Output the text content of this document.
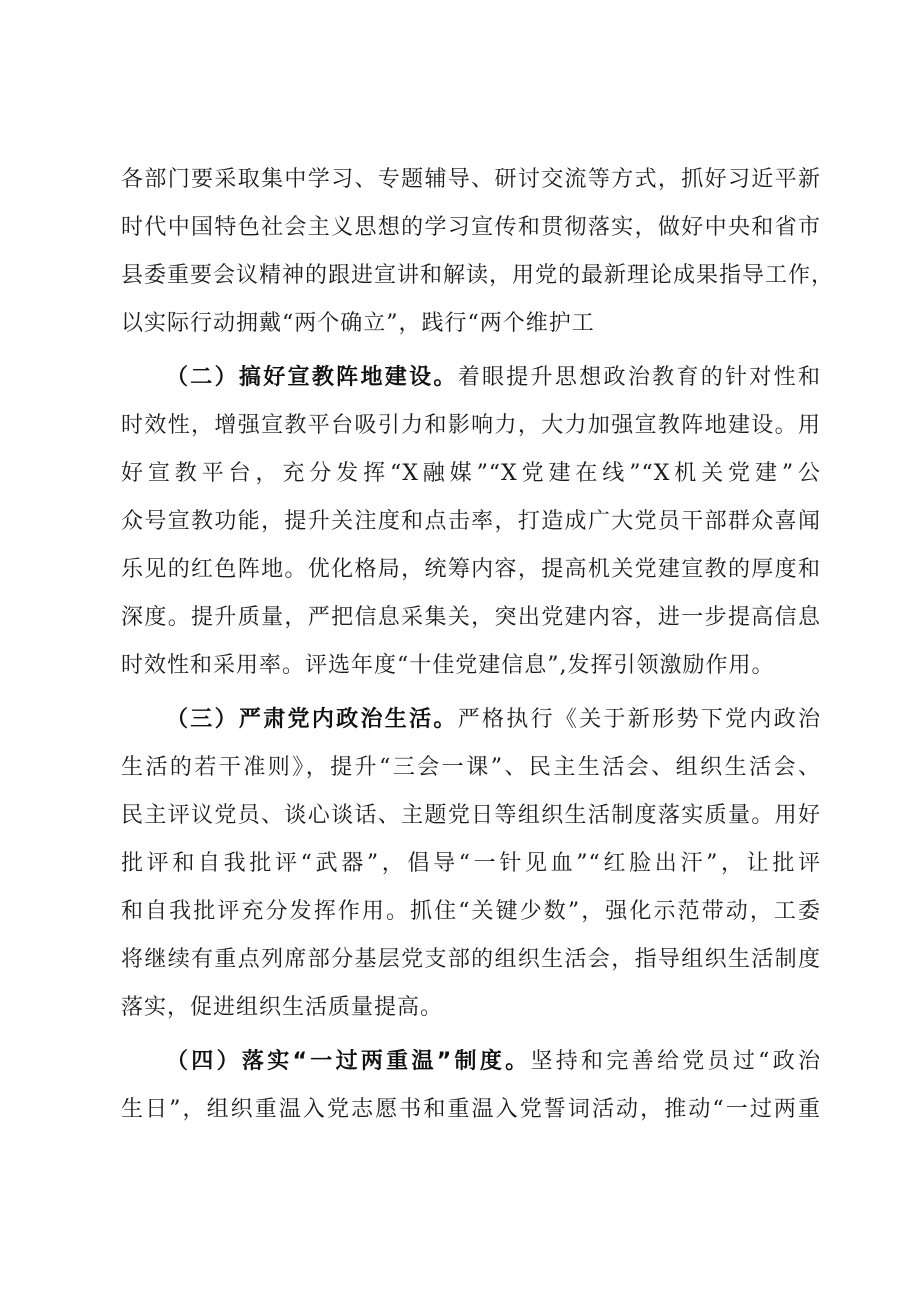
各部门要采取集中学习、专题辅导、研讨交流等方式，抓好习近平新
时代中国特色社会主义思想的学习宣传和贯彻落实，做好中央和省市
县委重要会议精神的跟进宣讲和解读，用党的最新理论成果指导工作，
以实际行动拥戴“两个确立”，践行“两个维护工
（二）搞好宣教阵地建设。着眼提升思想政治教育的针对性和
时效性，增强宣教平台吸引力和影响力，大力加强宣教阵地建设。用
好宣教平台，充分发挥“X融媒”“X党建在线”“X机关党建”公
众号宣教功能，提升关注度和点击率，打造成广大党员干部群众喜闻
乐见的红色阵地。优化格局，统筹内容，提高机关党建宣教的厚度和
深度。提升质量，严把信息采集关，突出党建内容，进一步提高信息
时效性和采用率。评选年度“十佳党建信息”,发挥引领激励作用。
（三）严肃党内政治生活。严格执行《关于新形势下党内政治
生活的若干准则》，提升“三会一课”、民主生活会、组织生活会、
民主评议党员、谈心谈话、主题党日等组织生活制度落实质量。用好
批评和自我批评“武器”，倡导“一针见血”“红脸出汗”，让批评
和自我批评充分发挥作用。抓住“关键少数”，强化示范带动，工委
将继续有重点列席部分基层党支部的组织生活会，指导组织生活制度
落实，促进组织生活质量提高。
（四）落实“一过两重温”制度。坚持和完善给党员过“政治
生日”，组织重温入党志愿书和重温入党誓词活动，推动“一过两重
